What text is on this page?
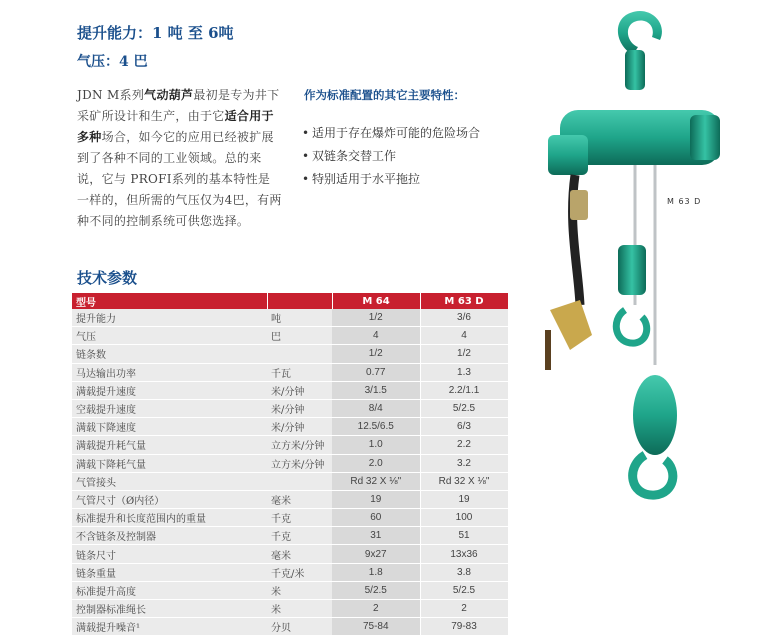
提升能力：1 吨 至 6吨
气压：4 巴
JDN M系列气动葫芦最初是专为井下采矿所设计和生产，由于它适合用于多种场合，如今它的应用已经被扩展到了各种不同的工业领域。总的来说，它与 PROFI系列的基本特性是一样的，但所需的气压仅为4巴，有两种不同的控制系统可供您选择。
作为标准配置的其它主要特性：
• 适用于存在爆炸可能的危险场合
• 双链条交替工作
• 特别适用于水平拖拉
技术参数
型号		M 64	M 63 D
提升能力	吨	1/2	3/6
气压	巴	4	4
链条数		1/2	1/2
马达输出功率	千瓦	0.77	1.3
满载提升速度	米/分钟	3/1.5	2.2/1.1
空载提升速度	米/分钟	8/4	5/2.5
满载下降速度	米/分钟	12.5/6.5	6/3
满载提升耗气量	立方米/分钟	1.0	2.2
满载下降耗气量	立方米/分钟	2.0	3.2
气管接头		Rd 32 X ⅛"	Rd 32 X ⅛"
气管尺寸（Ø内径）	毫米	19	19
标准提升和长度范围内的重量	千克	60	100
不含链条及控制器	千克	31	51
链条尺寸	毫米	9x27	13x36
链条重量	千克/米	1.8	3.8
标准提升高度	米	5/2.5	5/2.5
控制器标准绳长	米	2	2
满载提升噪音¹	分贝	75-84	79-83
M 63 D
